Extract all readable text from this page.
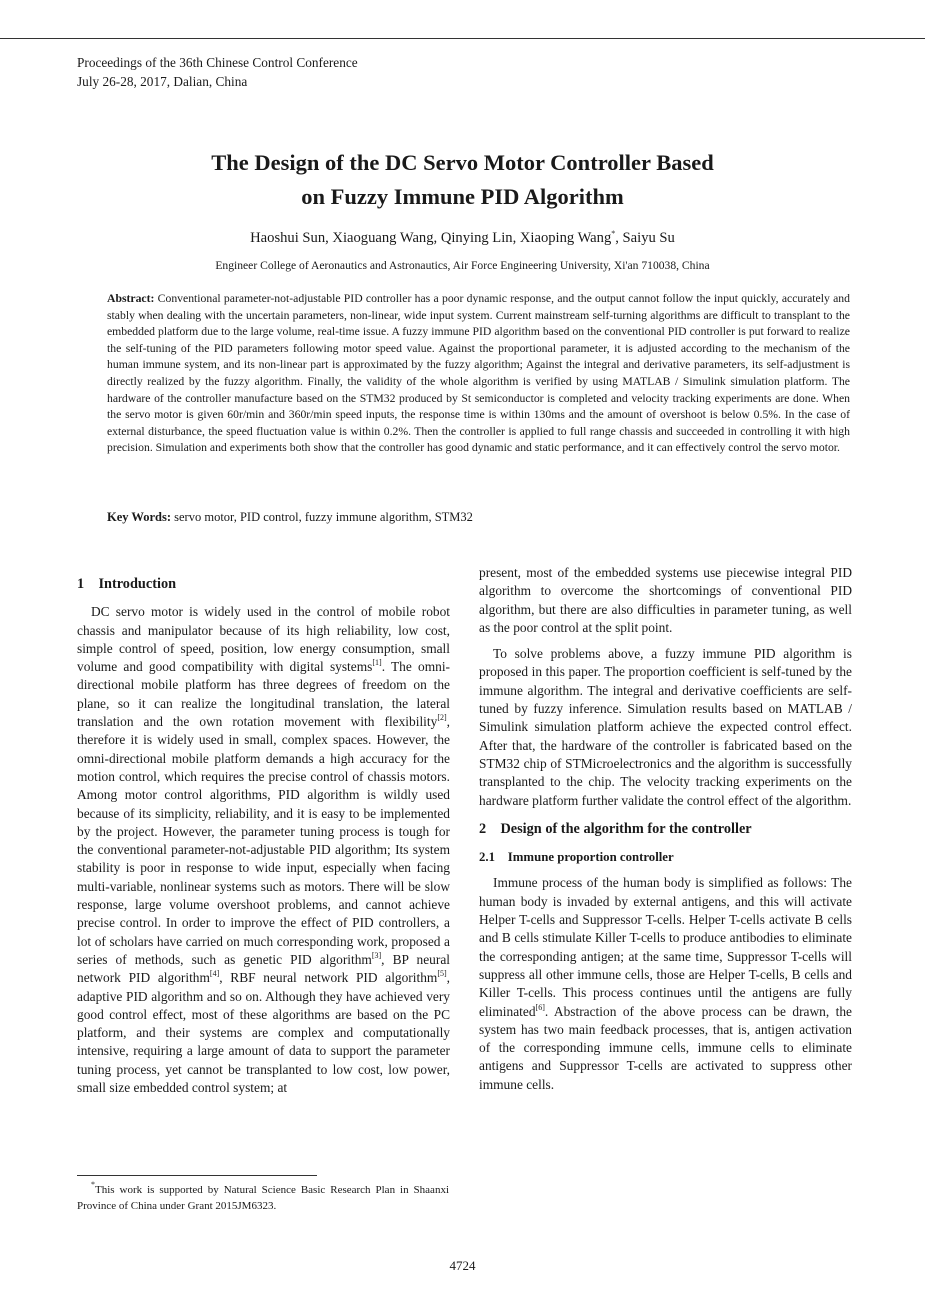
Proceedings of the 36th Chinese Control Conference
July 26-28, 2017, Dalian, China
The Design of the DC Servo Motor Controller Based
on Fuzzy Immune PID Algorithm
Haoshui Sun, Xiaoguang Wang, Qinying Lin, Xiaoping Wang*, Saiyu Su
Engineer College of Aeronautics and Astronautics, Air Force Engineering University, Xi'an 710038, China
Abstract: Conventional parameter-not-adjustable PID controller has a poor dynamic response, and the output cannot follow the input quickly, accurately and stably when dealing with the uncertain parameters, non-linear, wide input system. Current mainstream self-turning algorithms are difficult to transplant to the embedded platform due to the large volume, real-time issue. A fuzzy immune PID algorithm based on the conventional PID controller is put forward to realize the self-tuning of the PID parameters following motor speed value. Against the proportional parameter, it is adjusted according to the mechanism of the human immune system, and its non-linear part is approximated by the fuzzy algorithm; Against the integral and derivative parameters, its self-adjustment is directly realized by the fuzzy algorithm. Finally, the validity of the whole algorithm is verified by using MATLAB / Simulink simulation platform. The hardware of the controller manufacture based on the STM32 produced by St semiconductor is completed and velocity tracking experiments are done. When the servo motor is given 60r/min and 360r/min speed inputs, the response time is within 130ms and the amount of overshoot is below 0.5%. In the case of external disturbance, the speed fluctuation value is within 0.2%. Then the controller is applied to full range chassis and succeeded in controlling it with high precision. Simulation and experiments both show that the controller has good dynamic and static performance, and it can effectively control the servo motor.
Key Words: servo motor, PID control, fuzzy immune algorithm, STM32
1    Introduction

DC servo motor is widely used in the control of mobile robot chassis and manipulator because of its high reliability, low cost, simple control of speed, position, low energy consumption, small volume and good compatibility with digital systems[1]. The omni-directional mobile platform has three degrees of freedom on the plane, so it can realize the longitudinal translation, the lateral translation and the own rotation movement with flexibility[2], therefore it is widely used in small, complex spaces. However, the omni-directional mobile platform demands a high accuracy for the motion control, which requires the precise control of chassis motors. Among motor control algorithms, PID algorithm is wildly used because of its simplicity, reliability, and it is easy to be implemented by the project. However, the parameter tuning process is tough for the conventional parameter-not-adjustable PID algorithm; Its system stability is poor in response to wide input, especially when facing multi-variable, nonlinear systems such as motors. There will be slow response, large volume overshoot problems, and cannot achieve precise control. In order to improve the effect of PID controllers, a lot of scholars have carried on much corresponding work, proposed a series of methods, such as genetic PID algorithm[3], BP neural network PID algorithm[4], RBF neural network PID algorithm[5], adaptive PID algorithm and so on. Although they have achieved very good control effect, most of these algorithms are based on the PC platform, and their systems are complex and computationally intensive, requiring a large amount of data to support the parameter tuning process, yet cannot be transplanted to low cost, low power, small size embedded control system; at

present, most of the embedded systems use piecewise integral PID algorithm to overcome the shortcomings of conventional PID algorithm, but there are also difficulties in parameter tuning, as well as the poor control at the split point.

To solve problems above, a fuzzy immune PID algorithm is proposed in this paper. The proportion coefficient is self-tuned by the immune algorithm. The integral and derivative coefficients are self-tuned by fuzzy inference. Simulation results based on MATLAB / Simulink simulation platform achieve the expected control effect. After that, the hardware of the controller is fabricated based on the STM32 chip of STMicroelectronics and the algorithm is successfully transplanted to the chip. The velocity tracking experiments on the hardware platform further validate the control effect of the algorithm.

2    Design of the algorithm for the controller
2.1    Immune proportion controller

Immune process of the human body is simplified as follows: The human body is invaded by external antigens, and this will activate Helper T-cells and Suppressor T-cells. Helper T-cells activate B cells and B cells stimulate Killer T-cells to produce antibodies to eliminate the corresponding antigen; at the same time, Suppressor T-cells will suppress all other immune cells, those are Helper T-cells, B cells and Killer T-cells. This process continues until the antigens are fully eliminated[6]. Abstraction of the above process can be drawn, the system has two main feedback processes, that is, antigen activation of the corresponding immune cells, immune cells to eliminate antigens and Suppressor T-cells are activated to suppress other immune cells.

*This work is supported by Natural Science Basic Research Plan in Shaanxi Province of China under Grant 2015JM6323.
4724
